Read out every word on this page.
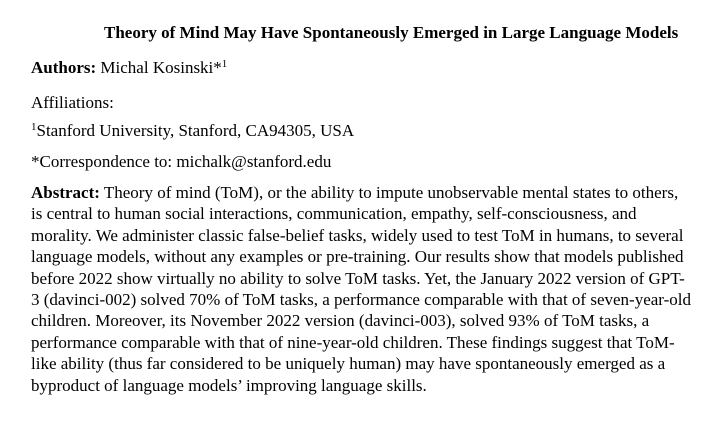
Theory of Mind May Have Spontaneously Emerged in Large Language Models
Authors: Michal Kosinski*$^1$
Affiliations:
$^1$Stanford University, Stanford, CA94305, USA
*Correspondence to: michalk@stanford.edu
Abstract: Theory of mind (ToM), or the ability to impute unobservable mental states to others,
is central to human social interactions, communication, empathy, self-consciousness, and
morality. We administer classic false-belief tasks, widely used to test ToM in humans, to several
language models, without any examples or pre-training. Our results show that models published
before 2022 show virtually no ability to solve ToM tasks. Yet, the January 2022 version of GPT-
3 (davinci-002) solved 70% of ToM tasks, a performance comparable with that of seven-year-old
children. Moreover, its November 2022 version (davinci-003), solved 93% of ToM tasks, a
performance comparable with that of nine-year-old children. These findings suggest that ToM-
like ability (thus far considered to be uniquely human) may have spontaneously emerged as a
byproduct of language models’ improving language skills.
